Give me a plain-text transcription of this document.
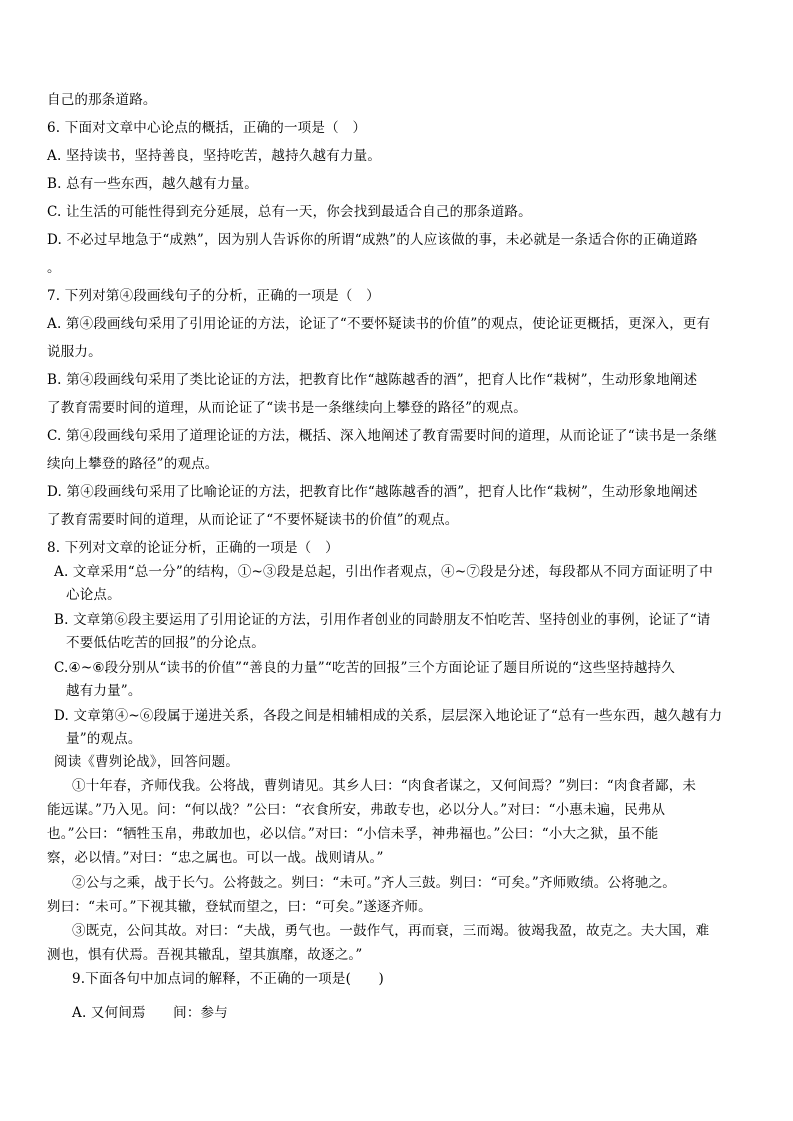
自己的那条道路。
6. 下面对文章中心论点的概括，正确的一项是（　）
A. 坚持读书，坚持善良，坚持吃苦，越持久越有力量。
B. 总有一些东西，越久越有力量。
C. 让生活的可能性得到充分延展，总有一天，你会找到最适合自己的那条道路。
D. 不必过早地急于“成熟”，因为别人告诉你的所谓“成熟”的人应该做的事，未必就是一条适合你的正确道路
。
7. 下列对第④段画线句子的分析，正确的一项是（　）
A. 第④段画线句采用了引用论证的方法，论证了“不要怀疑读书的价值”的观点，使论证更概括，更深入，更有
说服力。
B. 第④段画线句采用了类比论证的方法，把教育比作“越陈越香的酒”，把育人比作“栽树”，生动形象地阐述
了教育需要时间的道理，从而论证了“读书是一条继续向上攀登的路径”的观点。
C. 第④段画线句采用了道理论证的方法，概括、深入地阐述了教育需要时间的道理，从而论证了“读书是一条继
续向上攀登的路径”的观点。
D. 第④段画线句采用了比喻论证的方法，把教育比作“越陈越香的酒”，把育人比作“栽树”，生动形象地阐述
了教育需要时间的道理，从而论证了“不要怀疑读书的价值”的观点。
8. 下列对文章的论证分析，正确的一项是（　）
A. 文章采用“总一分”的结构，①~③段是总起，引出作者观点，④~⑦段是分述，每段都从不同方面证明了中
心论点。
B. 文章第⑥段主要运用了引用论证的方法，引用作者创业的同龄朋友不怕吃苦、坚持创业的事例，论证了“请
不要低估吃苦的回报”的分论点。
C.④~⑥段分别从“读书的价值”“善良的力量”“吃苦的回报”三个方面论证了题目所说的“这些坚持越持久
越有力量”。
D. 文章第④~⑥段属于递进关系，各段之间是相辅相成的关系，层层深入地论证了“总有一些东西，越久越有力
量”的观点。
阅读《曹刿论战》，回答问题。
①十年春，齐师伐我。公将战，曹刿请见。其乡人曰：“肉食者谋之，又何间焉？”刿曰：“肉食者鄙，未
能远谋。”乃入见。问：“何以战？”公曰：“衣食所安，弗敢专也，必以分人。”对曰：“小惠未遍，民弗从
也。”公曰：“牺牲玉帛，弗敢加也，必以信。”对曰：“小信未孚，神弗福也。”公曰：“小大之狱，虽不能
察，必以情。”对曰：“忠之属也。可以一战。战则请从。”
②公与之乘，战于长勺。公将鼓之。刿曰：“未可。”齐人三鼓。刿曰：“可矣。”齐师败绩。公将驰之。
刿曰：“未可。”下视其辙，登轼而望之，曰：“可矣。”遂逐齐师。
③既克，公问其故。对曰：“夫战，勇气也。一鼓作气，再而衰，三而竭。彼竭我盈，故克之。夫大国，难
测也，惧有伏焉。吾视其辙乱，望其旗靡，故逐之。”
9.下面各句中加点词的解释，不正确的一项是(　　)
A. 又何间焉　　间：参与
